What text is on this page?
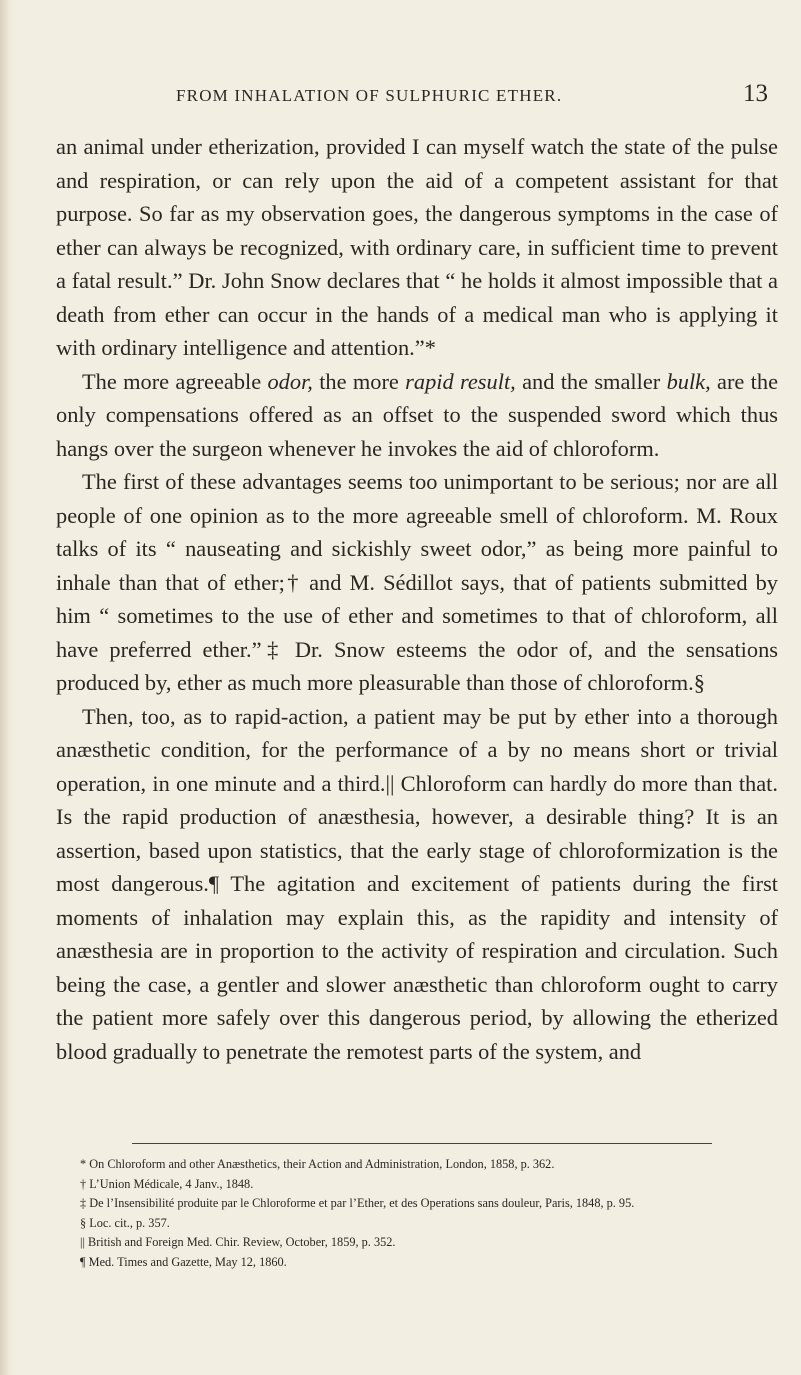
FROM INHALATION OF SULPHURIC ETHER.	13

an animal under etherization, provided I can myself watch the state of the pulse and respiration, or can rely upon the aid of a competent assistant for that purpose. So far as my observation goes, the dangerous symptoms in the case of ether can always be recognized, with ordinary care, in sufficient time to prevent a fatal result.” Dr. John Snow declares that “ he holds it almost impossible that a death from ether can occur in the hands of a medical man who is applying it with ordinary intelligence and attention.”*

The more agreeable odor, the more rapid result, and the smaller bulk, are the only compensations offered as an offset to the suspended sword which thus hangs over the surgeon whenever he invokes the aid of chloroform.

The first of these advantages seems too unimportant to be serious; nor are all people of one opinion as to the more agreeable smell of chloroform. M. Roux talks of its “ nauseating and sickishly sweet odor,” as being more painful to inhale than that of ether;† and M. Sédillot says, that of patients submitted by him “ sometimes to the use of ether and sometimes to that of chloroform, all have preferred ether.”‡ Dr. Snow esteems the odor of, and the sensations produced by, ether as much more pleasurable than those of chloroform.§

Then, too, as to rapid-action, a patient may be put by ether into a thorough anæsthetic condition, for the performance of a by no means short or trivial operation, in one minute and a third.|| Chloroform can hardly do more than that. Is the rapid production of anæsthesia, however, a desirable thing? It is an assertion, based upon statistics, that the early stage of chloroformization is the most dangerous.¶ The agitation and excitement of patients during the first moments of inhalation may explain this, as the rapidity and intensity of anæsthesia are in proportion to the activity of respiration and circulation. Such being the case, a gentler and slower anæsthetic than chloroform ought to carry the patient more safely over this dangerous period, by allowing the etherized blood gradually to penetrate the remotest parts of the system, and

* On Chloroform and other Anæsthetics, their Action and Administration, London, 1858, p. 362.
† L’Union Médicale, 4 Janv., 1848.
‡ De l’Insensibilité produite par le Chloroforme et par l’Ether, et des Operations sans douleur, Paris, 1848, p. 95.
§ Loc. cit., p. 357.
|| British and Foreign Med. Chir. Review, October, 1859, p. 352.
¶ Med. Times and Gazette, May 12, 1860.
